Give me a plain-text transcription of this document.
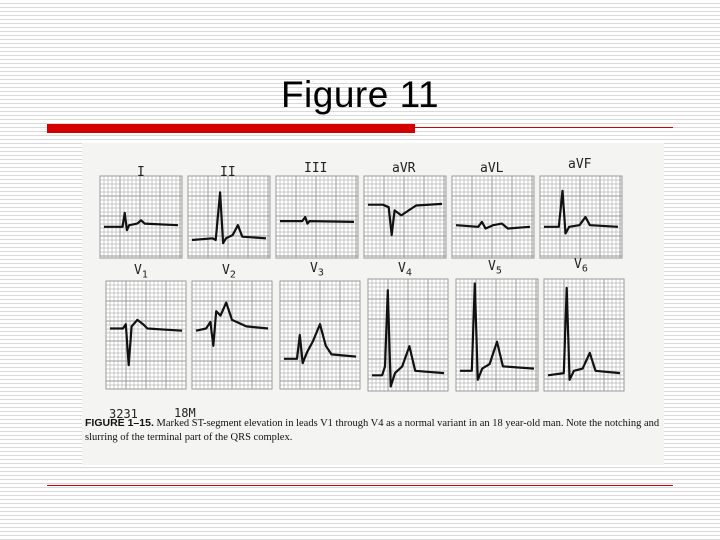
Figure 11
I	II	III	aVR	aVL	aVF
$V_1$	$V_2$	$V_3$	$V_4$	$V_5$	$V_6$
3231	18M
FIGURE 1–15. Marked ST-segment elevation in leads V1 through V4 as a normal variant in an 18 year-old man. Note the notching and slurring of the terminal part of the QRS complex.
